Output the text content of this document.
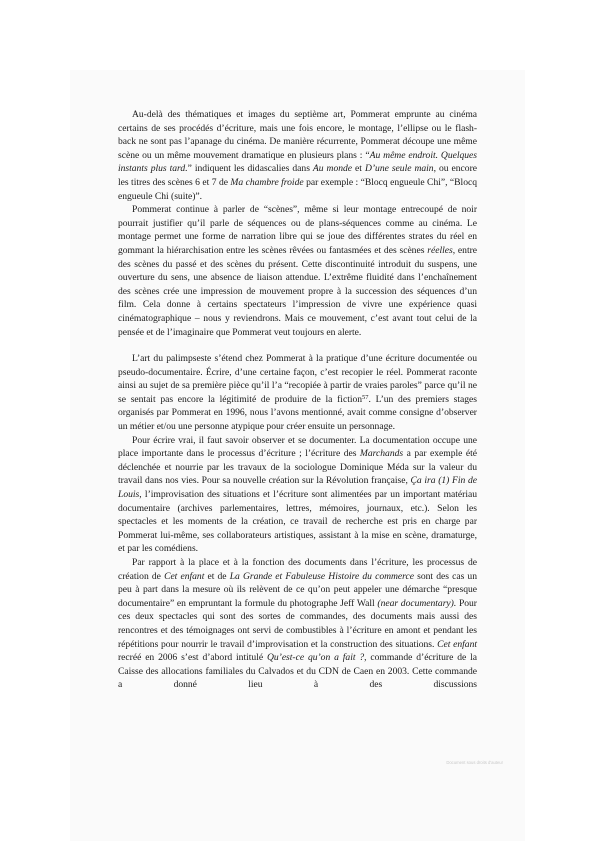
Au-delà des thématiques et images du septième art, Pommerat emprunte au cinéma certains de ses procédés d’écriture, mais une fois encore, le montage, l’ellipse ou le flash-back ne sont pas l’apanage du cinéma. De manière récurrente, Pommerat découpe une même scène ou un même mouvement dramatique en plusieurs plans : “Au même endroit. Quelques instants plus tard.” indiquent les didascalies dans Au monde et D’une seule main, ou encore les titres des scènes 6 et 7 de Ma chambre froide par exemple : “Blocq engueule Chi”, “Blocq engueule Chi (suite)”.

Pommerat continue à parler de “scènes”, même si leur montage entrecoupé de noir pourrait justifier qu’il parle de séquences ou de plans-séquences comme au cinéma. Le montage permet une forme de narration libre qui se joue des différentes strates du réel en gommant la hiérarchisation entre les scènes rêvées ou fantasmées et des scènes réelles, entre des scènes du passé et des scènes du présent. Cette discontinuité introduit du suspens, une ouverture du sens, une absence de liaison attendue. L’extrême fluidité dans l’enchaînement des scènes crée une impression de mouvement propre à la succession des séquences d’un film. Cela donne à certains spectateurs l’impression de vivre une expérience quasi cinématographique – nous y reviendrons. Mais ce mouvement, c’est avant tout celui de la pensée et de l’imaginaire que Pommerat veut toujours en alerte.

L’art du palimpseste s’étend chez Pommerat à la pratique d’une écriture documentée ou pseudo-documentaire. Écrire, d’une certaine façon, c’est recopier le réel. Pommerat raconte ainsi au sujet de sa première pièce qu’il l’a “recopiée à partir de vraies paroles” parce qu’il ne se sentait pas encore la légitimité de produire de la fiction$^{57}$. L’un des premiers stages organisés par Pommerat en 1996, nous l’avons mentionné, avait comme consigne d’observer un métier et/ou une personne atypique pour créer ensuite un personnage.

Pour écrire vrai, il faut savoir observer et se documenter. La documentation occupe une place importante dans le processus d’écriture ; l’écriture des Marchands a par exemple été déclenchée et nourrie par les travaux de la sociologue Dominique Méda sur la valeur du travail dans nos vies. Pour sa nouvelle création sur la Révolution française, Ça ira (1) Fin de Louis, l’improvisation des situations et l’écriture sont alimentées par un important matériau documentaire (archives parlementaires, lettres, mémoires, journaux, etc.). Selon les spectacles et les moments de la création, ce travail de recherche est pris en charge par Pommerat lui-même, ses collaborateurs artistiques, assistant à la mise en scène, dramaturge, et par les comédiens.

Par rapport à la place et à la fonction des documents dans l’écriture, les processus de création de Cet enfant et de La Grande et Fabuleuse Histoire du commerce sont des cas un peu à part dans la mesure où ils relèvent de ce qu’on peut appeler une démarche “presque documentaire” en empruntant la formule du photographe Jeff Wall (near documentary). Pour ces deux spectacles qui sont des sortes de commandes, des documents mais aussi des rencontres et des témoignages ont servi de combustibles à l’écriture en amont et pendant les répétitions pour nourrir le travail d’improvisation et la construction des situations. Cet enfant recréé en 2006 s’est d’abord intitulé Qu’est-ce qu’on a fait ?, commande d’écriture de la Caisse des allocations familiales du Calvados et du CDN de Caen en 2003. Cette commande a donné lieu à des discussions

Document sous droits d'auteur
